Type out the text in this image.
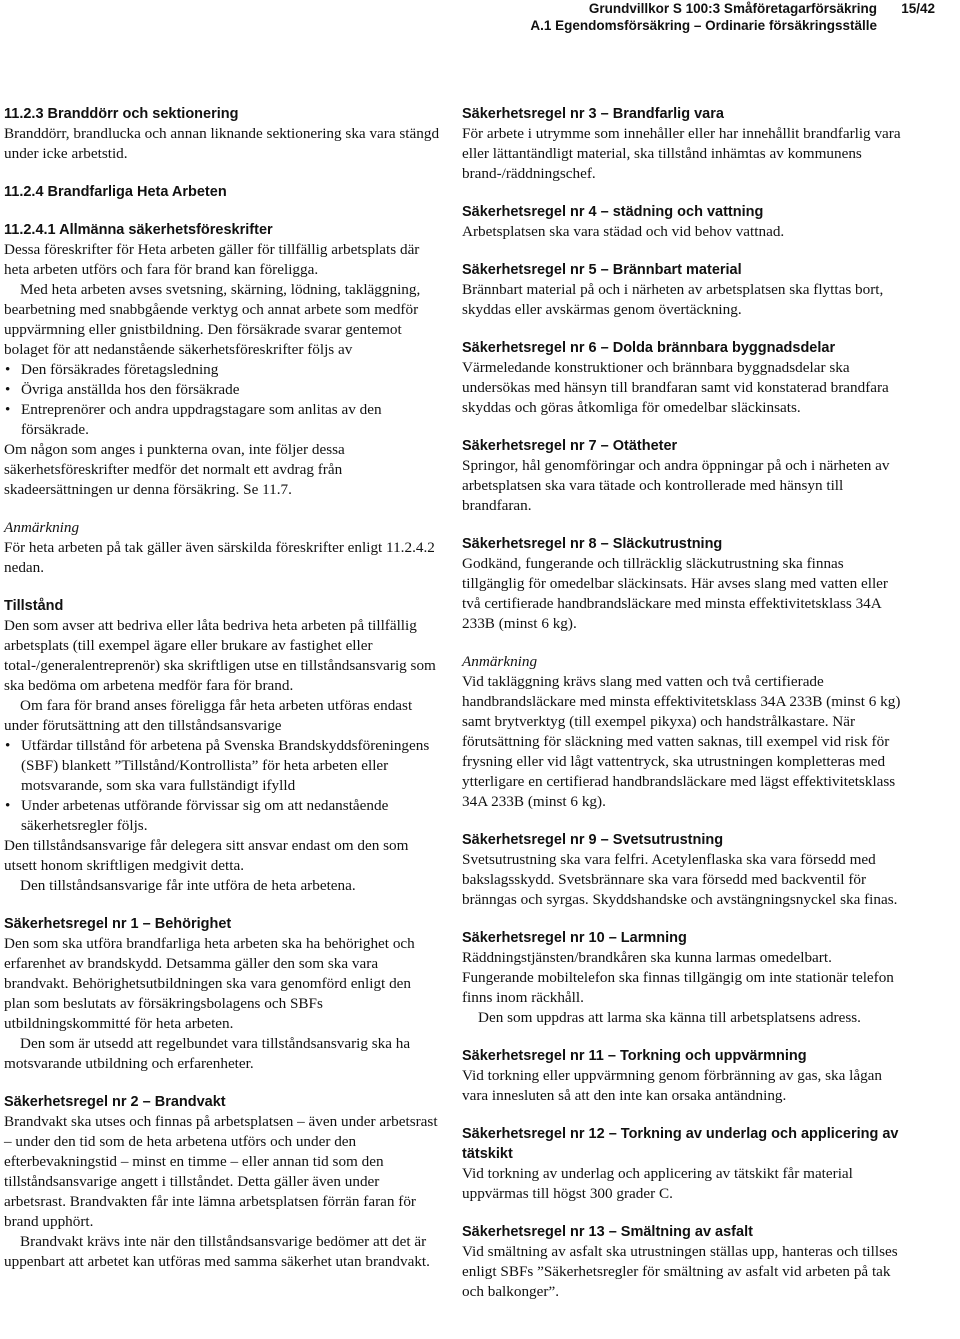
Grundvillkor S 100:3 Småföretagarförsäkring	15/42
A.1 Egendomsförsäkring – Ordinarie försäkringsställe

11.2.3 Branddörr och sektionering

Branddörr, brandlucka och annan liknande sektionering ska vara stängd under icke arbetstid.

11.2.4 Brandfarliga Heta Arbeten

11.2.4.1 Allmänna säkerhetsföreskrifter

Dessa föreskrifter för Heta arbeten gäller för tillfällig arbetsplats där heta arbeten utförs och fara för brand kan föreligga.

Med heta arbeten avses svetsning, skärning, lödning, takläggning, bearbetning med snabbgående verktyg och annat arbete som medför uppvärmning eller gnistbildning. Den försäkrade svarar gentemot bolaget för att nedanstående säkerhetsföreskrifter följs av

• Den försäkrades företagsledning
• Övriga anställda hos den försäkrade
• Entreprenörer och andra uppdragstagare som anlitas av den försäkrade.

Om någon som anges i punkterna ovan, inte följer dessa säkerhetsföreskrifter medför det normalt ett avdrag från skadeersättningen ur denna försäkring. Se 11.7.

Anmärkning

För heta arbeten på tak gäller även särskilda föreskrifter enligt 11.2.4.2 nedan.

Tillstånd

Den som avser att bedriva eller låta bedriva heta arbeten på tillfällig arbetsplats (till exempel ägare eller brukare av fastighet eller total-/generalentreprenör) ska skriftligen utse en tillståndsansvarig som ska bedöma om arbetena medför fara för brand.

Om fara för brand anses föreligga får heta arbeten utföras endast under förutsättning att den tillståndsansvarige

• Utfärdar tillstånd för arbetena på Svenska Brandskyddsföreningens (SBF) blankett ”Tillstånd/Kontrollista” för heta arbeten eller motsvarande, som ska vara fullständigt ifylld
• Under arbetenas utförande förvissar sig om att nedanstående säkerhetsregler följs.

Den tillståndsansvarige får delegera sitt ansvar endast om den som utsett honom skriftligen medgivit detta.

Den tillståndsansvarige får inte utföra de heta arbetena.

Säkerhetsregel nr 1 – Behörighet

Den som ska utföra brandfarliga heta arbeten ska ha behörighet och erfarenhet av brandskydd. Detsamma gäller den som ska vara brandvakt. Behörighetsutbildningen ska vara genomförd enligt den plan som beslutats av försäkringsbolagens och SBFs utbildningskommitté för heta arbeten.

Den som är utsedd att regelbundet vara tillståndsansvarig ska ha motsvarande utbildning och erfarenheter.

Säkerhetsregel nr 2 – Brandvakt

Brandvakt ska utses och finnas på arbetsplatsen – även under arbetsrast – under den tid som de heta arbetena utförs och under den efterbevakningstid – minst en timme – eller annan tid som den tillståndsansvarige angett i tillståndet. Detta gäller även under arbetsrast. Brandvakten får inte lämna arbetsplatsen förrän faran för brand upphört.

Brandvakt krävs inte när den tillståndsansvarige bedömer att det är uppenbart att arbetet kan utföras med samma säkerhet utan brandvakt.

Säkerhetsregel nr 3 – Brandfarlig vara

För arbete i utrymme som innehåller eller har innehållit brandfarlig vara eller lättantändligt material, ska tillstånd inhämtas av kommunens brand-/räddningschef.

Säkerhetsregel nr 4 – städning och vattning

Arbetsplatsen ska vara städad och vid behov vattnad.

Säkerhetsregel nr 5 – Brännbart material

Brännbart material på och i närheten av arbetsplatsen ska flyttas bort, skyddas eller avskärmas genom övertäckning.

Säkerhetsregel nr 6 – Dolda brännbara byggnadsdelar

Värmeledande konstruktioner och brännbara byggnadsdelar ska undersökas med hänsyn till brandfaran samt vid konstaterad brandfara skyddas och göras åtkomliga för omedelbar släckinsats.

Säkerhetsregel nr 7 – Otätheter

Springor, hål genomföringar och andra öppningar på och i närheten av arbetsplatsen ska vara tätade och kontrollerade med hänsyn till brandfaran.

Säkerhetsregel nr 8 – Släckutrustning

Godkänd, fungerande och tillräcklig släckutrustning ska finnas tillgänglig för omedelbar släckinsats. Här avses slang med vatten eller två certifierade handbrandsläckare med minsta effektivitetsklass 34A 233B (minst 6 kg).

Anmärkning

Vid takläggning krävs slang med vatten och två certifierade handbrandsläckare med minsta effektivitetsklass 34A 233B (minst 6 kg) samt brytverktyg (till exempel pikyxa) och handstrålkastare. När förutsättning för släckning med vatten saknas, till exempel vid risk för frysning eller vid lågt vattentryck, ska utrustningen kompletteras med ytterligare en certifierad handbrandsläckare med lägst effektivitetsklass 34A 233B (minst 6 kg).

Säkerhetsregel nr 9 – Svetsutrustning

Svetsutrustning ska vara felfri. Acetylenflaska ska vara försedd med bakslagsskydd. Svetsbrännare ska vara försedd med backventil för bränngas och syrgas. Skyddshandske och avstängningsnyckel ska finas.

Säkerhetsregel nr 10 – Larmning

Räddningstjänsten/brandkåren ska kunna larmas omedelbart. Fungerande mobiltelefon ska finnas tillgängig om inte stationär telefon finns inom räckhåll.

Den som uppdras att larma ska känna till arbetsplatsens adress.

Säkerhetsregel nr 11 – Torkning och uppvärmning

Vid torkning eller uppvärmning genom förbränning av gas, ska lågan vara innesluten så att den inte kan orsaka antändning.

Säkerhetsregel nr 12 – Torkning av underlag och applicering av tätskikt

Vid torkning av underlag och applicering av tätskikt får material uppvärmas till högst 300 grader C.

Säkerhetsregel nr 13 – Smältning av asfalt

Vid smältning av asfalt ska utrustningen ställas upp, hanteras och tillses enligt SBFs ”Säkerhetsregler för smältning av asfalt vid arbeten på tak och balkonger”.
